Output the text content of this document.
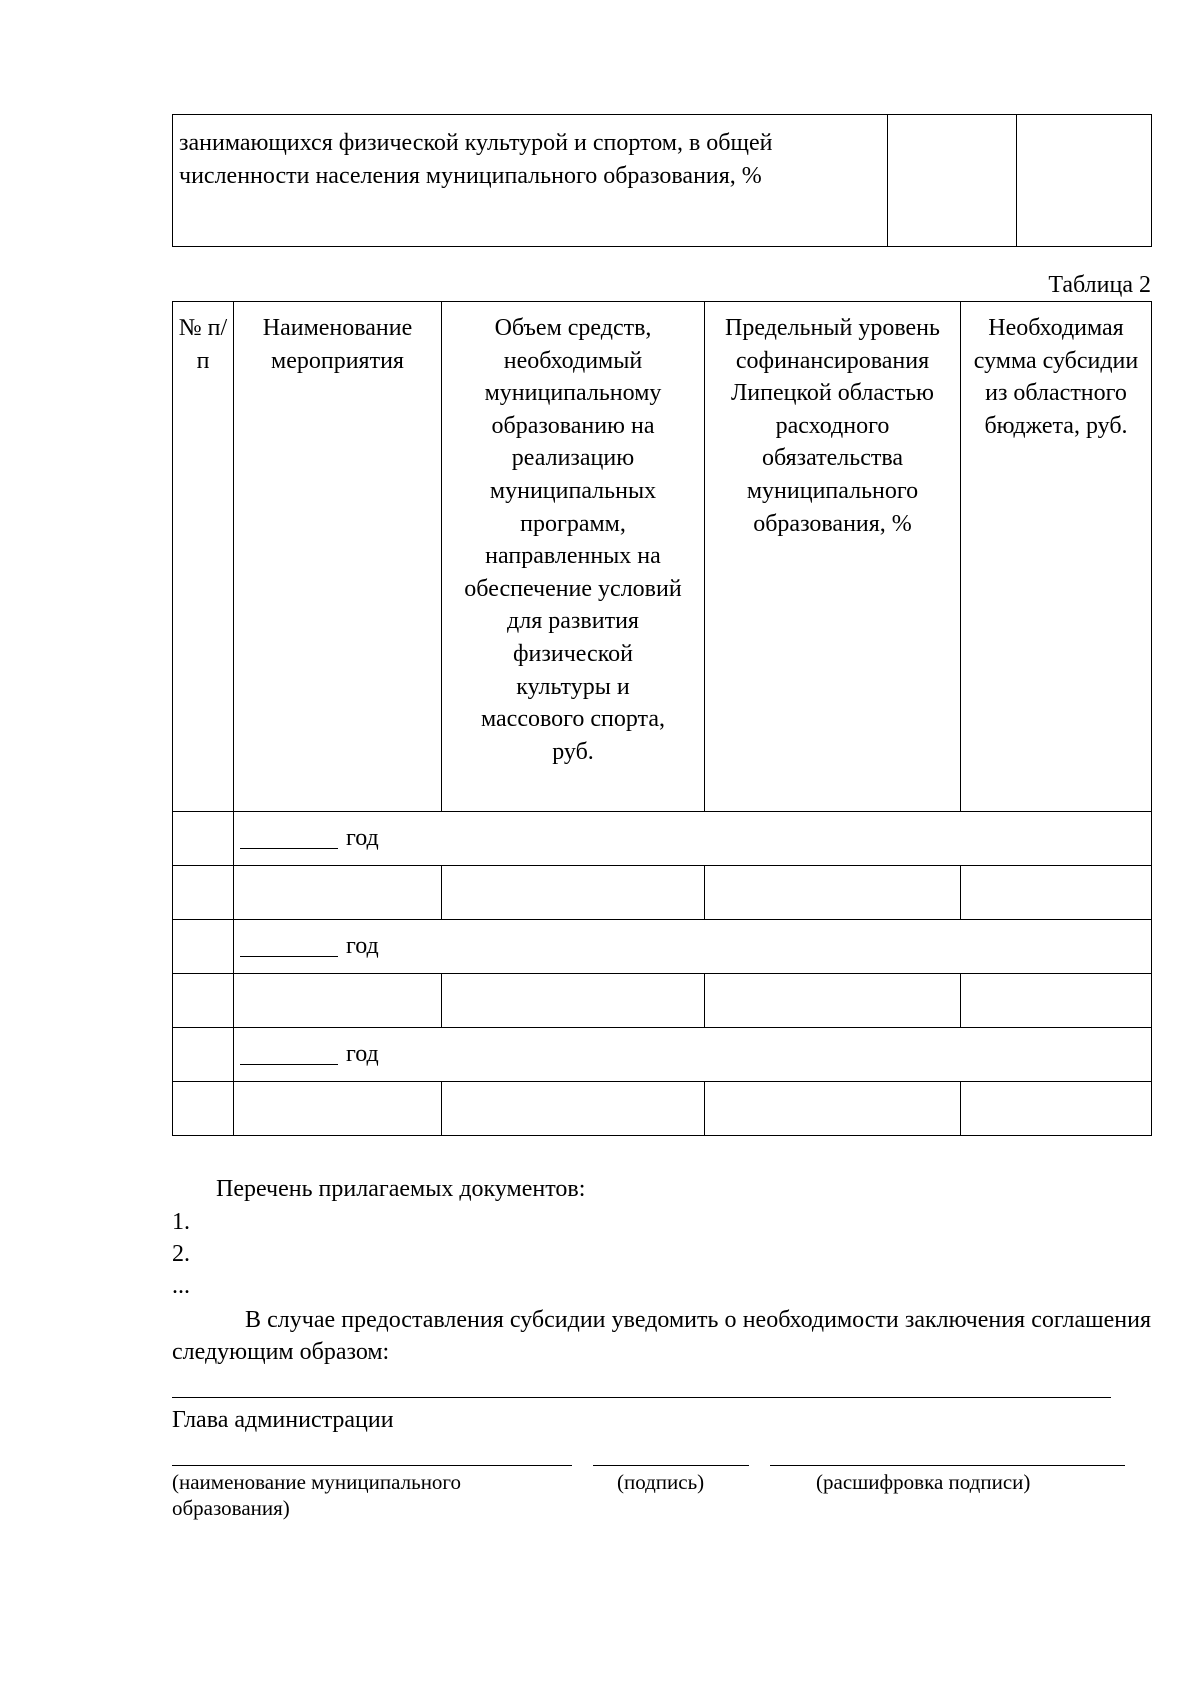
занимающихся физической культурой и спортом, в общей численности населения муниципального образования, %		
Таблица 2
№ п/п	Наименование мероприятия	Объем средств, необходимый муниципальному образованию на реализацию муниципальных программ, направленных на обеспечение условий для развития физической культуры и массового спорта, руб.	Предельный уровень софинансирования Липецкой областью расходного обязательства муниципального образования, %	Необходимая сумма субсидии из областного бюджета, руб.
	год			

	год			

	год			

Перечень прилагаемых документов:
1.
2.
...
В случае предоставления субсидии уведомить о необходимости заключения соглашения следующим образом:
Глава администрации
(наименование муниципального образования)
(подпись)	(расшифровка подписи)
